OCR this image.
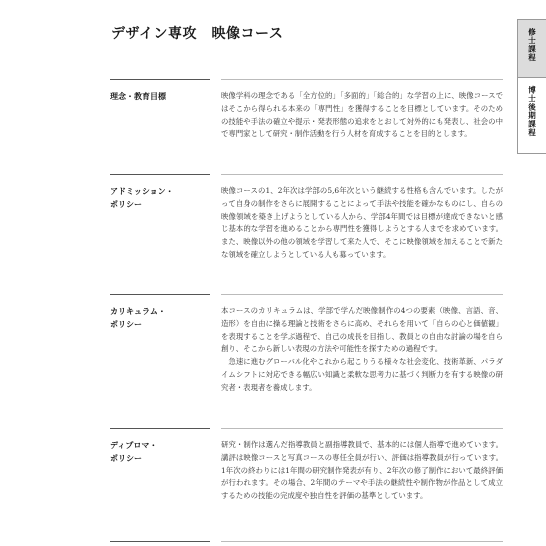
デザイン専攻　映像コース
理念・教育目標	映像学科の理念である「全方位的」「多面的」「総合的」な学習の上に、映像コースではそこから得られる本来の「専門性」を獲得することを目標としています。そのための技能や手法の確立や提示・発表形態の追求をとおして対外的にも発表し、社会の中で専門家として研究・制作活動を行う人材を育成することを目的とします。

アドミッション・
ポリシー

映像コースの1、2年次は学部の5,6年次という継続する性格も含んでいます。したがって自身の制作をさらに展開することによって手法や技能を確かなものにし、自らの映像領域を築き上げようとしている人から、学部4年間では目標が達成できないと感じ基本的な学習を進めることから専門性を獲得しようとする人までを求めています。また、映像以外の他の領域を学習して来た人で、そこに映像領域を加えることで新たな領域を確立しようとしている人も募っています。

カリキュラム・
ポリシー

本コースのカリキュラムは、学部で学んだ映像制作の4つの要素（映像、言語、音、造形）を自由に操る理論と技術をさらに高め、それらを用いて「自らの心と価値観」を表現することを学ぶ過程で、自己の成長を目指し、教員との自由な討論の場を自ら創り、そこから新しい表現の方法や可能性を探すための過程です。

急速に進むグローバル化やこれから起こりうる様々な社会変化、技術革新、パラダイムシフトに対応できる幅広い知識と柔軟な思考力に基づく判断力を有する映像の研究者・表現者を養成します。

ディプロマ・
ポリシー

研究・制作は選んだ指導教員と副指導教員で、基本的には個人指導で進めています。講評は映像コースと写真コースの専任全員が行い、評価は指導教員が行っています。1年次の終わりには1年間の研究制作発表が有り、2年次の修了制作において最終評価が行われます。その場合、2年間のテーマや手法の継続性や制作物が作品として成立するための技能の完成度や独自性を評価の基準としています。

修士課程
博士後期課程
